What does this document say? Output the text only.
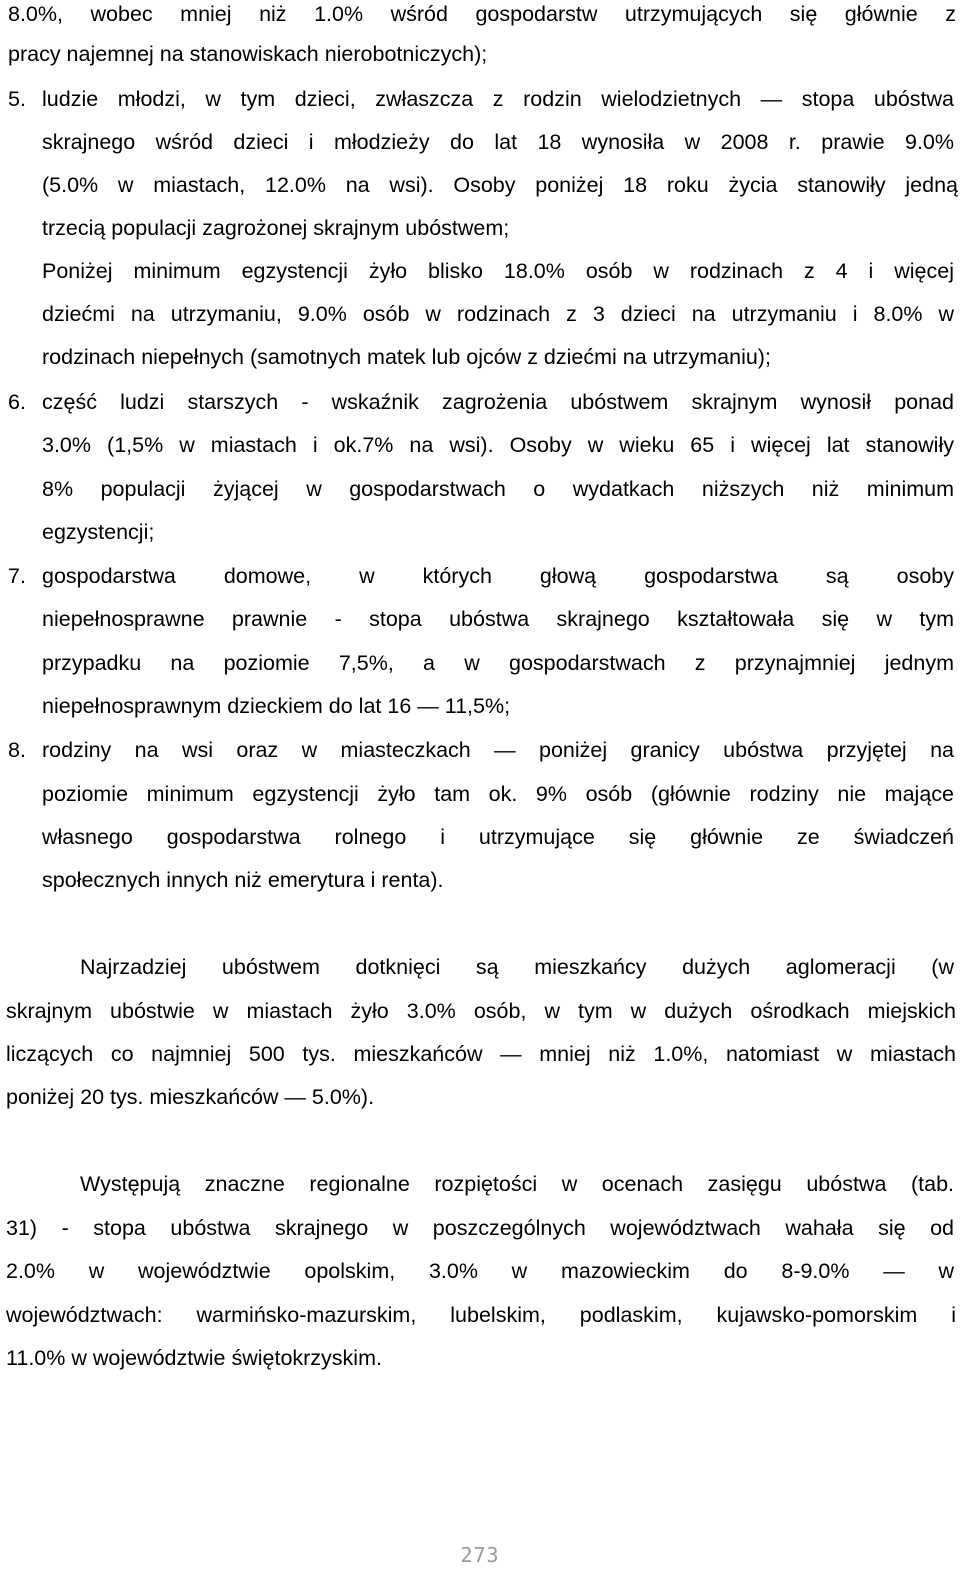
8.0%, wobec mniej niż 1.0% wśród gospodarstw utrzymujących się głównie z
pracy najemnej na stanowiskach nierobotniczych);
5. ludzie młodzi, w tym dzieci, zwłaszcza z rodzin wielodzietnych — stopa ubóstwa
skrajnego wśród dzieci i młodzieży do lat 18 wynosiła w 2008 r. prawie 9.0%
(5.0% w miastach, 12.0% na wsi). Osoby poniżej 18 roku życia stanowiły jedną
trzecią populacji zagrożonej skrajnym ubóstwem;
Poniżej minimum egzystencji żyło blisko 18.0% osób w rodzinach z 4 i więcej
dziećmi na utrzymaniu, 9.0% osób w rodzinach z 3 dzieci na utrzymaniu i 8.0% w
rodzinach niepełnych (samotnych matek lub ojców z dziećmi na utrzymaniu);
6. część ludzi starszych - wskaźnik zagrożenia ubóstwem skrajnym wynosił ponad
3.0% (1,5% w miastach i ok.7% na wsi). Osoby w wieku 65 i więcej lat stanowiły
8% populacji żyjącej w gospodarstwach o wydatkach niższych niż minimum
egzystencji;
7. gospodarstwa domowe, w których głową gospodarstwa są osoby
niepełnosprawne prawnie - stopa ubóstwa skrajnego kształtowała się w tym
przypadku na poziomie 7,5%, a w gospodarstwach z przynajmniej jednym
niepełnosprawnym dzieckiem do lat 16 — 11,5%;
8. rodziny na wsi oraz w miasteczkach — poniżej granicy ubóstwa przyjętej na
poziomie minimum egzystencji żyło tam ok. 9% osób (głównie rodziny nie mające
własnego gospodarstwa rolnego i utrzymujące się głównie ze świadczeń
społecznych innych niż emerytura i renta).
Najrzadziej ubóstwem dotknięci są mieszkańcy dużych aglomeracji (w
skrajnym ubóstwie w miastach żyło 3.0% osób, w tym w dużych ośrodkach miejskich
liczących co najmniej 500 tys. mieszkańców — mniej niż 1.0%, natomiast w miastach
poniżej 20 tys. mieszkańców — 5.0%).
Występują znaczne regionalne rozpiętości w ocenach zasięgu ubóstwa (tab.
31) - stopa ubóstwa skrajnego w poszczególnych województwach wahała się od
2.0% w województwie opolskim, 3.0% w mazowieckim do 8-9.0% — w
województwach: warmińsko-mazurskim, lubelskim, podlaskim, kujawsko-pomorskim i
11.0% w województwie świętokrzyskim.
273
